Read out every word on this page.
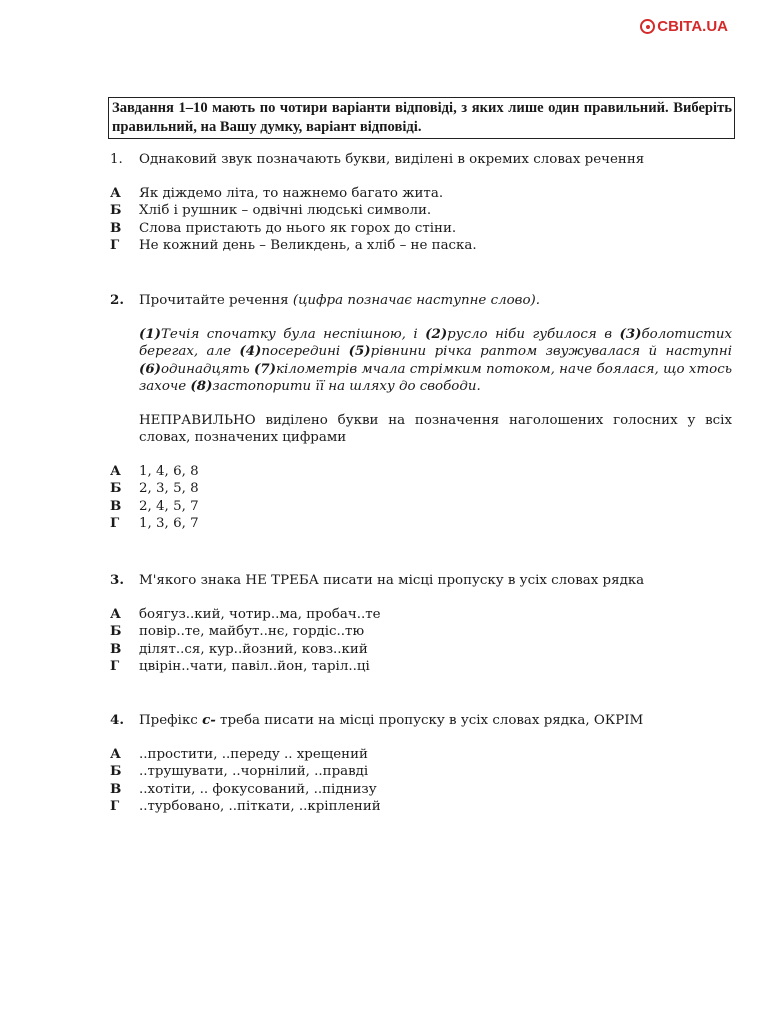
СВІТА.UA
Завдання 1–10 мають по чотири варіанти відповіді, з яких лише один правильний. Виберіть правильний, на Вашу думку, варіант відповіді.
1. Однаковий звук позначають букви, виділені в окремих словах речення
А	Як діждемо літа, то нажнемо багато жита.
Б	Хліб і рушник – одвічні людські символи.
В	Слова пристають до нього як горох до стіни.
Г	Не кожний день – Великдень, а хліб – не паска.
2. Прочитайте речення (цифра позначає наступне слово).
(1)Течія спочатку була неспішною, і (2)русло ніби губилося в (3)болотистих берегах, але (4)посередині (5)рівнини річка раптом звужувалася й наступні (6)одинадцять (7)кілометрів мчала стрімким потоком, наче боялася, що хтось захоче (8)застопорити її на шляху до свободи.
НЕПРАВИЛЬНО виділено букви на позначення наголошених голосних у всіх словах, позначених цифрами
А	1, 4, 6, 8
Б	2, 3, 5, 8
В	2, 4, 5, 7
Г	1, 3, 6, 7
3. М'якого знака НЕ ТРЕБА писати на місці пропуску в усіх словах рядка
А	боягуз..кий, чотир..ма, пробач..те
Б	повір..те, майбут..нє, гордіс..тю
В	ділят..ся, кур..йозний, ковз..кий
Г	цвірін..чати, павіл..йон, таріл..ці
4. Префікс с- треба писати на місці пропуску в усіх словах рядка, ОКРІМ
А	..простити, ..переду .. хрещений
Б	..трушувати, ..чорнілий, ..правді
В	..хотіти, .. фокусований, ..піднизу
Г	..турбовано, ..піткати, ..кріплений
